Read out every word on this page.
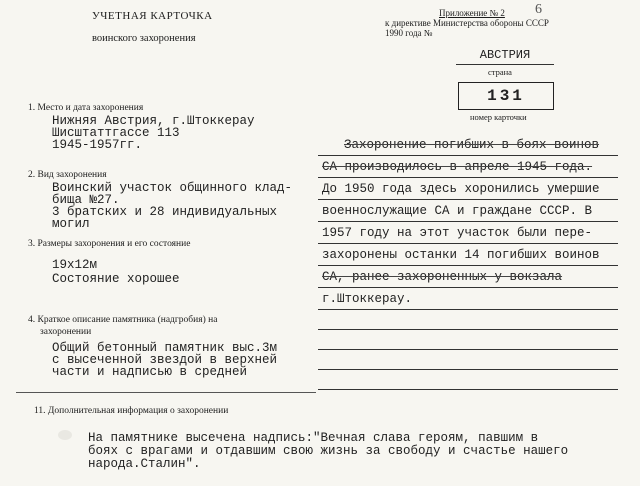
УЧЕТНАЯ КАРТОЧКА
воинского захоронения
Приложение № 2
к директиве Министерства обороны СССР
1990 года №
6
АВСТРИЯ
страна
131
номер карточки
1. Место и дата захоронения
Нижняя Австрия, г.Штоккерау
Шисштаттгассе 113
1945-1957гг.
2. Вид захоронения
Воинский участок общинного клад-
бища №27.
3 братских и 28 индивидуальных
могил
3. Размеры захоронения и его состояние
19х12м
Состояние хорошее
4. Краткое описание памятника (надгробия) на
захоронении
Общий бетонный памятник выс.3м
с высеченной звездой в верхней
части и надписью в средней
11. Дополнительная информация о захоронении
Захоронение погибших в боях воинов
СА производилось в апреле 1945 года.
До 1950 года здесь хоронились умершие
военнослужащие СА и граждане СССР. В
1957 году на этот участок были пере-
захоронены останки 14 погибших воинов
СА, ранее захороненных у вокзала
г.Штоккерау.
На памятнике высечена надпись:"Вечная слава героям, павшим в
боях с врагами и отдавшим свою жизнь за свободу и счастье нашего
народа.Сталин".
